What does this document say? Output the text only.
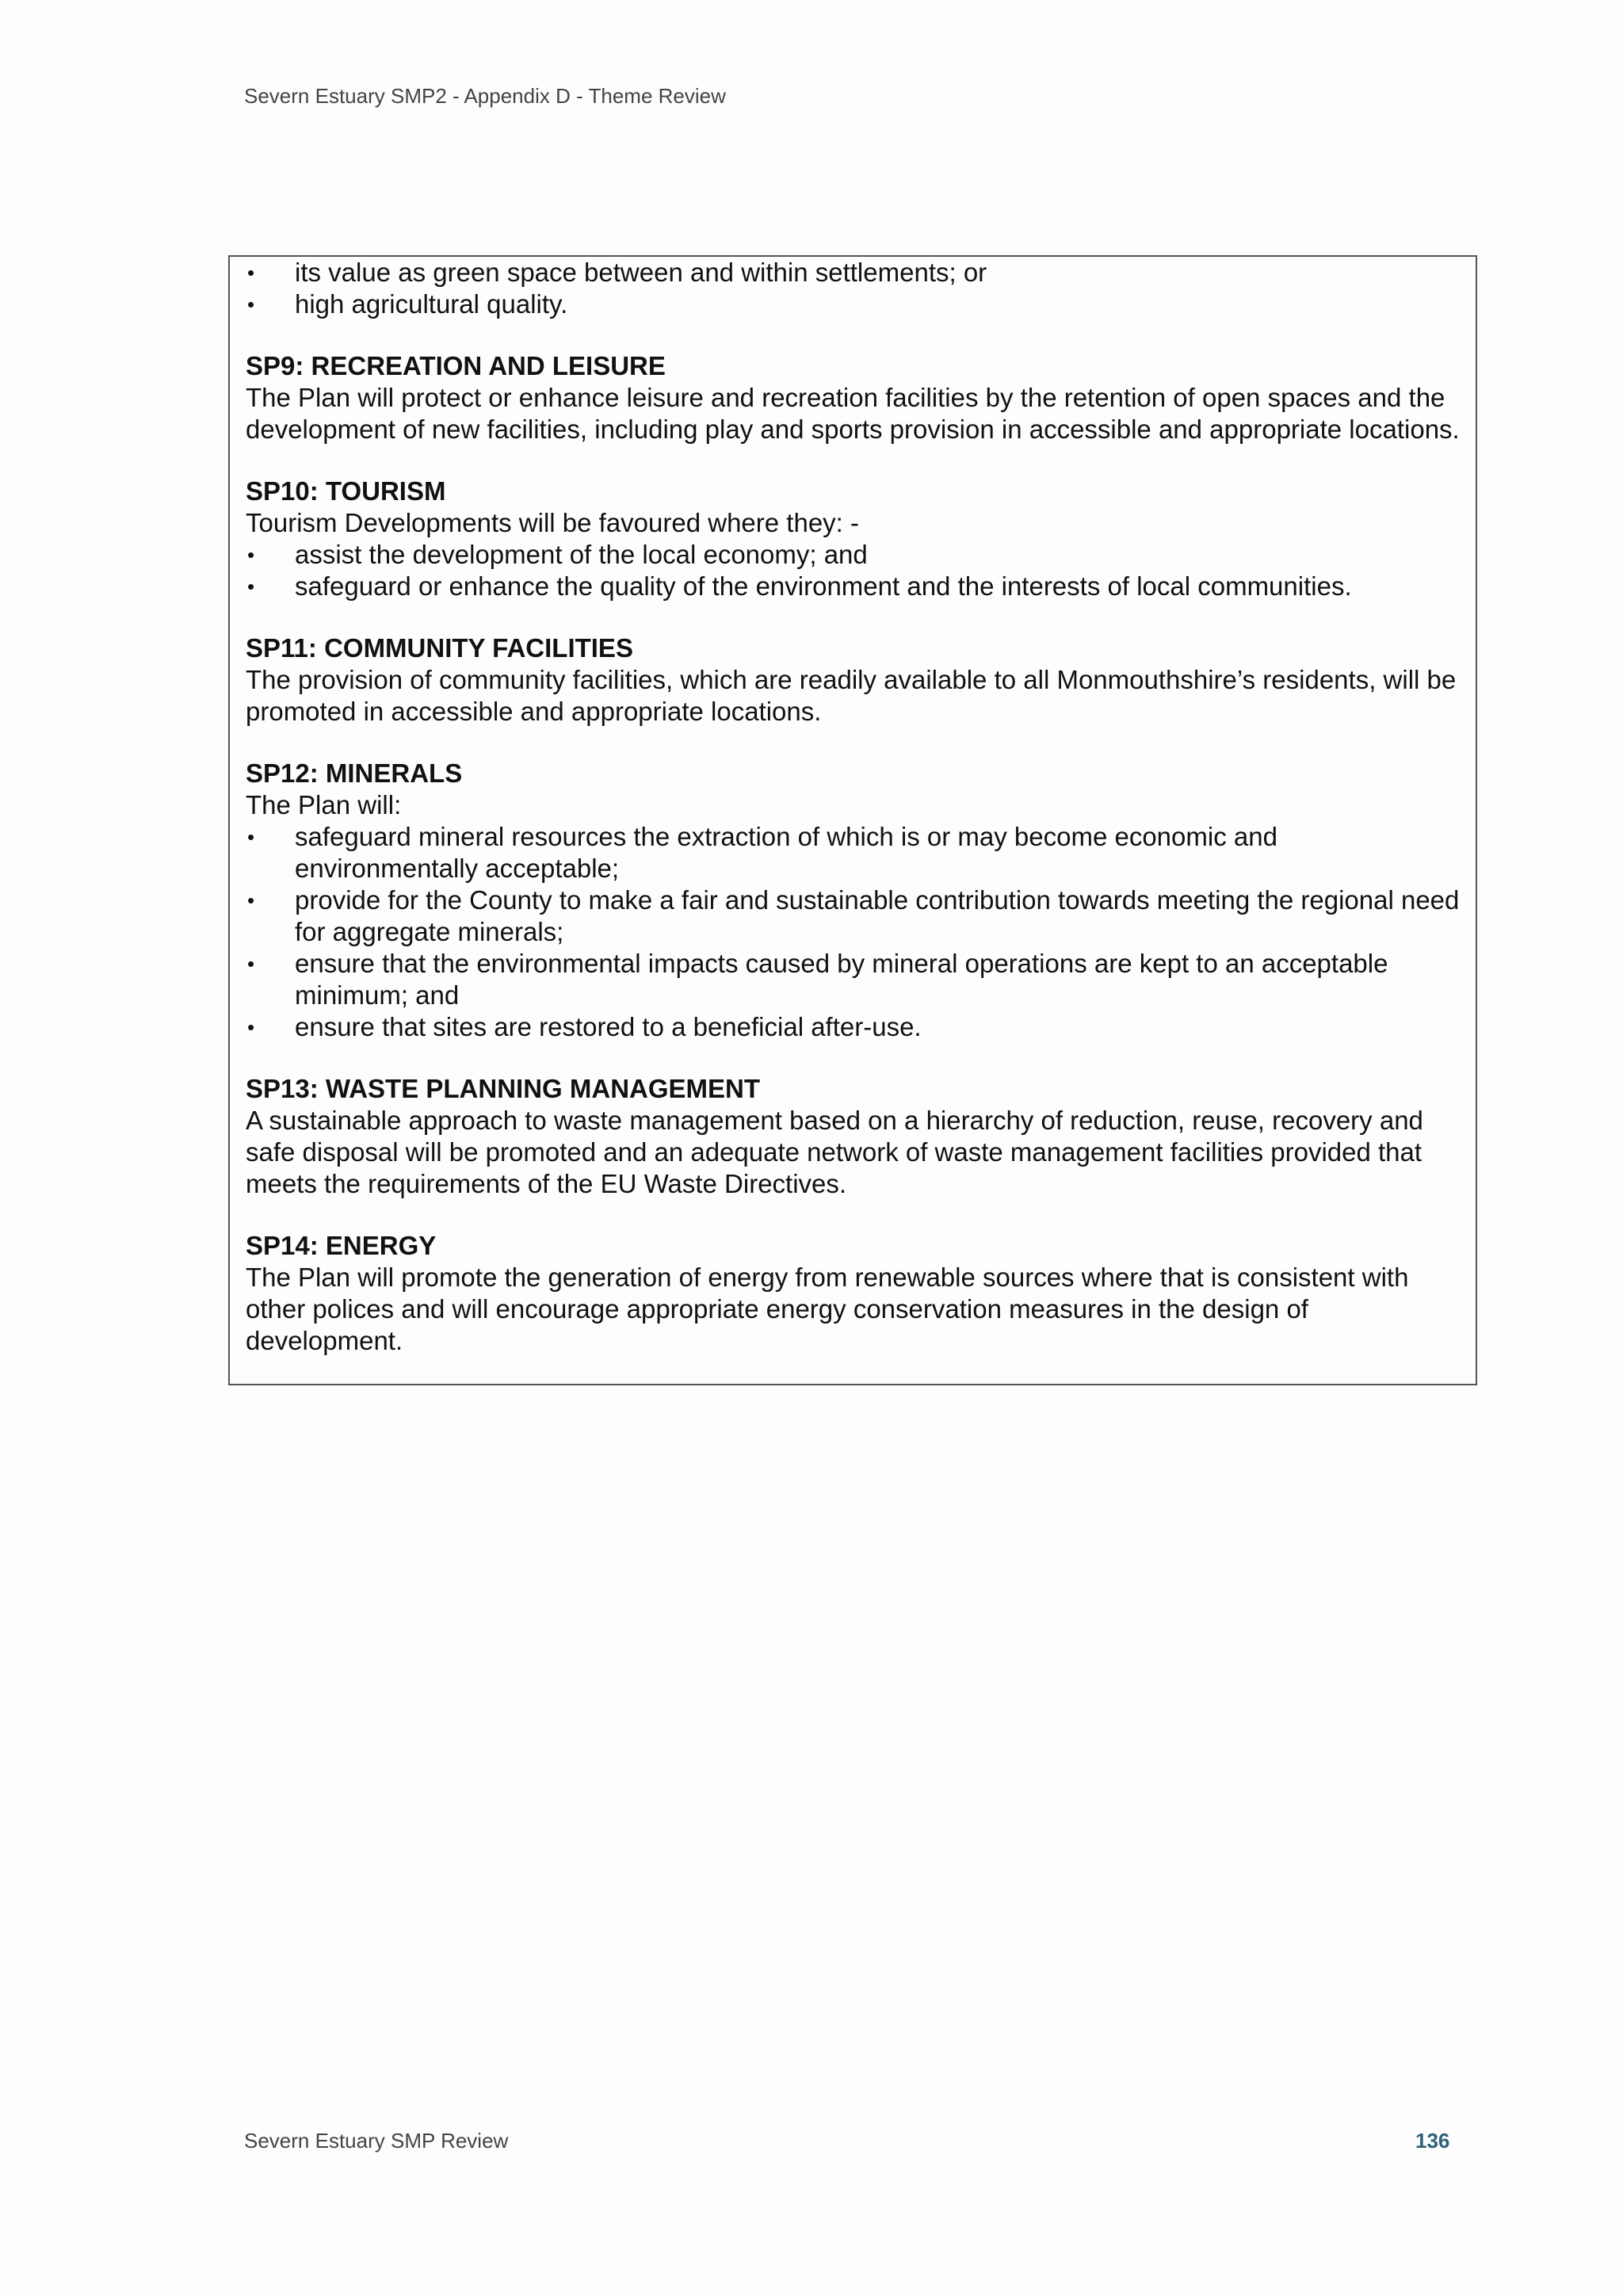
Severn Estuary SMP2 - Appendix D - Theme Review
• its value as green space between and within settlements; or
• high agricultural quality.
SP9: RECREATION AND LEISURE
The Plan will protect or enhance leisure and recreation facilities by the retention of open spaces and the development of new facilities, including play and sports provision in accessible and appropriate locations.
SP10: TOURISM
Tourism Developments will be favoured where they: -
• assist the development of the local economy; and
• safeguard or enhance the quality of the environment and the interests of local communities.
SP11: COMMUNITY FACILITIES
The provision of community facilities, which are readily available to all Monmouthshire’s residents, will be promoted in accessible and appropriate locations.
SP12: MINERALS
The Plan will:
• safeguard mineral resources the extraction of which is or may become economic and environmentally acceptable;
• provide for the County to make a fair and sustainable contribution towards meeting the regional need for aggregate minerals;
• ensure that the environmental impacts caused by mineral operations are kept to an acceptable minimum; and
• ensure that sites are restored to a beneficial after-use.
SP13: WASTE PLANNING MANAGEMENT
A sustainable approach to waste management based on a hierarchy of reduction, reuse, recovery and safe disposal will be promoted and an adequate network of waste management facilities provided that meets the requirements of the EU Waste Directives.
SP14: ENERGY
The Plan will promote the generation of energy from renewable sources where that is consistent with other polices and will encourage appropriate energy conservation measures in the design of development.
Severn Estuary SMP Review	136
